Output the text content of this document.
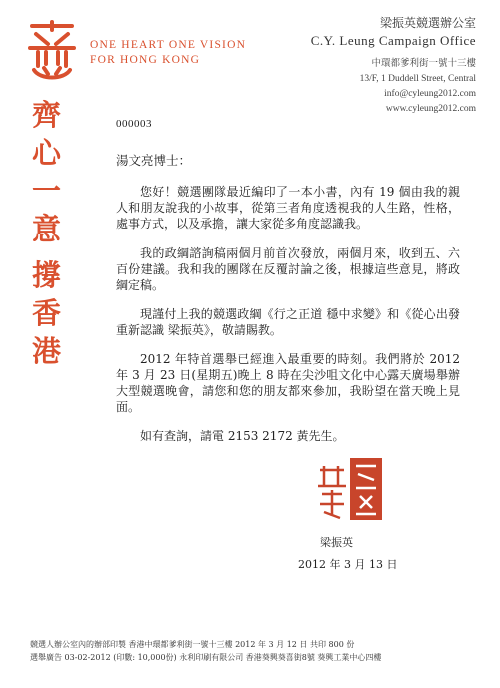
ONE HEART ONE VISION
FOR HONG KONG
齊
心
一
意
撐
香
港
梁振英競選辦公室
C.Y. Leung Campaign Office
中環都爹利街一號十三樓
13/F, 1 Duddell Street, Central
info@cyleung2012.com
www.cyleung2012.com
000003
湯文亮博士：

您好！競選團隊最近編印了一本小書，內有 19 個由我的親人和朋友說我的小故事，從第三者角度透視我的人生路，性格，處事方式，以及承擔，讓大家從多角度認識我。

我的政綱諮詢稿兩個月前首次發放，兩個月來，收到五、六百份建議。我和我的團隊在反覆討論之後，根據這些意見，將政綱定稿。

現謹付上我的競選政綱《行之正道 穩中求變》和《從心出發 重新認識 梁振英》，敬請賜教。

2012 年特首選舉已經進入最重要的時刻。我們將於 2012 年 3 月 23 日(星期五)晚上 8 時在尖沙咀文化中心露天廣場舉辦大型競選晚會，請您和您的朋友都來參加，我盼望在當天晚上見面。

如有查詢，請電 2153 2172 黃先生。

梁振英
2012 年 3 月 13 日
競選人辦公室內的辦部印製 香港中環都爹利街一號十三樓 2012 年 3 月 12 日 共印 800 份
選舉廣告 03-02-2012 (印數: 10,000份) 永利印刷有限公司 香港葵興葵喜街8號 葵興工業中心四樓
